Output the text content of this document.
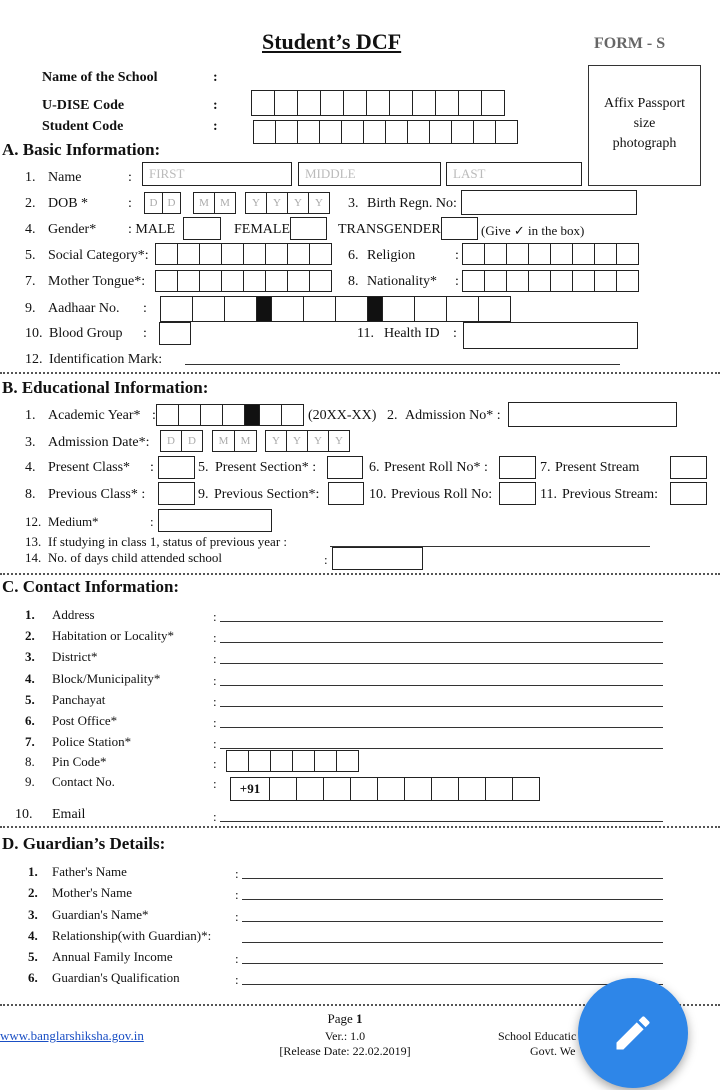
Student’s DCF	FORM - S
Name of the School	:
U-DISE Code	:
Student Code	:
Affix Passport
size
photograph
A. Basic Information:
1. Name	:	FIRST	MIDDLE	LAST
2. DOB *	:	D D	M	M	Y	Y	Y	Y	3. Birth Regn. No:
4. Gender* : MALE	FEMALE	TRANSGENDER	(Give ✓ in the box)
5. Social Category*:	6. Religion	:
7. Mother Tongue*:	8. Nationality* :
9. Aadhaar No. :
10. Blood Group :	11. Health ID :
12. Identification Mark:
B. Educational Information:
1. Academic Year* :	(20XX-XX) 2. Admission No* :
3. Admission Date*:	D	D	M	M	Y	Y	Y	Y
4. Present Class* :	5. Present Section* :	6. Present Roll No* :	7. Present Stream
8. Previous Class* :	9. Previous Section*:	10. Previous Roll No:	11. Previous Stream:
12. Medium*	:
13. If studying in class 1, status of previous year :
14. No. of days child attended school	:
C. Contact Information:
1. Address	:
2. Habitation or Locality*	:
3. District*	:
4. Block/Municipality*	:
5. Panchayat	:
6. Post Office*	:
7. Police Station*	:
8. Pin Code*	:
9. Contact No.	:	+91
10. Email	:
D. Guardian’s Details:
1. Father's Name	:
2. Mother's Name	:
3. Guardian's Name*	:
4. Relationship(with Guardian)*:
5. Annual Family Income	:
6. Guardian's Qualification	:
www.banglarshiksha.gov.in
Page 1
Ver.: 1.0
[Release Date: 22.02.2019]
School Educatic
Govt. We
